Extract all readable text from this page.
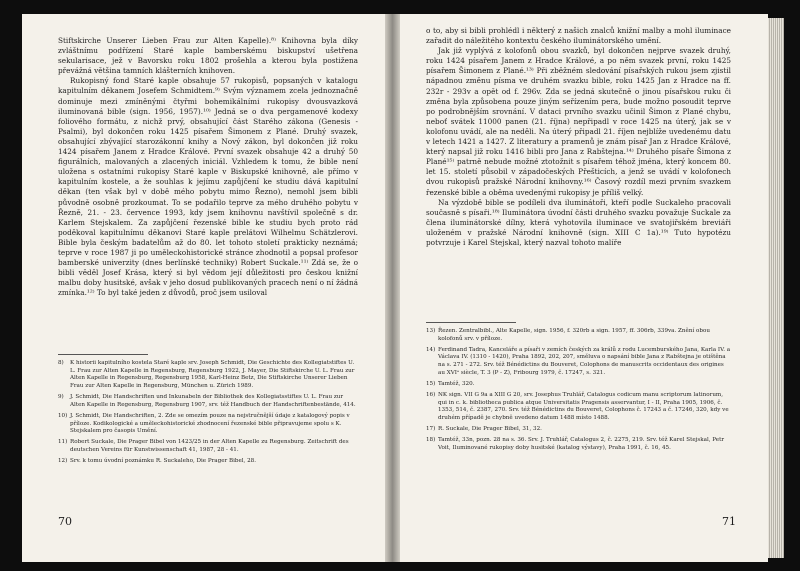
Stiftskirche Unserer Lieben Frau zur Alten Kapelle).⁸⁾ Knihovna byla díky zvláštnímu podřízení Staré kaple bamberskému biskupství ušetřena sekularisace, jež v Bavorsku roku 1802 prošehla a kterou byla postižena převážná většina tamních klášterních knihoven.

Rukopisný fond Staré kaple obsahuje 57 rukopisů, popsaných v katalogu kapitulním děkanem Josefem Schmidtem.⁹⁾ Svým významem zcela jednoznačně dominuje mezi zmíněnými čtyřmi bohemikálními rukopisy dvousvazková iluminovaná bible (sign. 1956, 1957).¹⁰⁾ Jedná se o dva pergamenové kodexy foliového formátu, z nichž prvý, obsahující část Starého zákona (Genesis - Psalmi), byl dokončen roku 1425 písařem Šimonem z Plané. Druhý svazek, obsahující zbývající starozákonní knihy a Nový zákon, byl dokončen již roku 1424 písařem Janem z Hradce Králové. První svazek obsahuje 42 a druhý 50 figurálních, malovaných a zlacených iniciál. Vzhledem k tomu, že bible není uložena s ostatními rukopisy Staré kaple v Biskupské knihovně, ale přímo v kapitulním kostele, a že souhlas k jejímu zapůjčení ke studiu dává kapitulní děkan (ten však byl v době mého pobytu mimo Řezno), nemohl jsem bibli původně osobně prozkoumat. To se podařilo teprve za mého druhého pobytu v Řezně, 21. - 23. července 1993, kdy jsem knihovnu navštívil společně s dr. Karlem Stejskalem. Za zapůjčení řezenské bible ke studiu bych proto rád poděkoval kapitulnímu děkanovi Staré kaple prelátovi Wilhelmu Schätzlerovi. Bible byla českým badatelům až do 80. let tohoto století prakticky neznámá; teprve v roce 1987 ji po uměleckohistorické stránce zhodnotil a popsal profesor bamberské univerzity (dnes berlínské techniky) Robert Suckale.¹¹⁾ Zdá se, že o bibli věděl Josef Krása, který si byl vědom její důležitosti pro českou knižní malbu doby husitské, avšak v jeho dosud publikovaných pracech není o ní žádná zmínka.¹²⁾ To byl také jeden z důvodů, proč jsem usiloval

8)	K historii kapitulního kostela Staré kaple srv. Joseph Schmidt, Die Geschichte des Kollegiatstiftes U. L. Frau zur Alten Kapelle in Regensburg, Regensburg 1922, J. Mayer, Die Stiftskirche U. L. Frau zur Alten Kapelle in Regensburg, Regensburg 1958, Karl-Heinz Betz, Die Stiftskirche Unserer Lieben Frau zur Alten Kapelle in Regensburg, München u. Zürich 1989.
9)	J. Schmidt, Die Handschriften und Inkunabeln der Bibliothek des Kollegiatsstiftes U. L. Frau zur Alten Kapelle in Regensburg, Regensburg 1907, srv. též Handbuch der Handschriftenbestände, 414.
10) J. Schmidt, Die Handschriften, 2. Zde se omezím pouze na nejstručnější údaje z katalogový popis v příloze. Kodikologické a uměleckohistorické zhodnocení řezenské bible připravujeme spolu s K. Stejskalem pro časopis Umění.
11) Robert Suckale, Die Prager Bibel von 1423/25 in der Alten Kapelle zu Regensburg. Zeitschrift des deutschen Vereins für Kunstwissenschaft 41, 1987, 28 - 41.
12) Srv. k tomu úvodní poznámku R. Suckaleho, Die Prager Bibel, 28.
70

o to, aby si bibli prohlédl i některý z našich znalců knižní malby a mohl iluminace zařadit do náležitého kontextu českého iluminátorského umění.

Jak již vyplývá z kolofonů obou svazků, byl dokončen nejprve svazek druhý, roku 1424 písařem Janem z Hradce Králové, a po něm svazek první, roku 1425 písařem Šimonem z Plané.¹³⁾ Při zběžném sledování písařských rukou jsem zjistil nápadnou změnu písma ve druhém svazku bible, roku 1425 Jan z Hradce na ff. 232r - 293v a opět od f. 296v. Zda se jedná skutečně o jinou písařskou ruku či změna byla způsobena pouze jiným seřízením pera, bude možno posoudit teprve po podrobnějším srovnání. V dataci prvního svazku učinil Šimon z Plané chybu, neboť svátek 11000 panen (21. října) nepřipadl v roce 1425 na úterý, jak se v kolofonu uvádí, ale na neděli. Na úterý připadl 21. říjen nejblíže uvedenému datu v letech 1421 a 1427. Z literatury a pramenů je znám písař Jan z Hradce Králové, který napsal již roku 1416 bibli pro Jana z Rabštejna.¹⁴⁾ Druhého písaře Šimona z Plané¹⁵⁾ patrně nebude možné ztotožnit s písařem téhož jména, který koncem 80. let 15. století působil v západočeských Přešticích, a jenž se uvádí v kolofonech dvou rukopisů pražské Národní knihovny.¹⁶⁾ Časový rozdíl mezi prvním svazkem řezenské bible a oběma uvedenými rukopisy je příliš velký.

Na výzdobě bible se podíleli dva iluminátoři, kteří podle Suckaleho pracovali současně s písaři.¹⁸⁾ Iluminátora úvodní části druhého svazku považuje Suckale za člena iluminátorské dílny, která vyhotovila iluminace ve svatojiřském breviáři uloženém v pražské Národní knihovně (sign. XIII C 1a).¹⁹⁾ Tuto hypotézu potvrzuje i Karel Stejskal, který nazval tohoto malíře

13) Řezen. Zentralbibl., Alte Kapelle, sign. 1956, f. 320rb a sign. 1957, ff. 306rb, 339va. Znění obou kolofonů srv. v příloze.
14) Ferdinand Tadra, Kanceláře a písaři v zemích českých za králů z rodu Lucemburského Jana, Karla IV. a Václava IV. (1310 - 1420), Praha 1892, 202, 207, směluva o napsání bible Jana z Rabštejna je otištěna na s. 271 - 272. Srv. též Bénédictins du Bouveret, Colophons de manuscrits occidentaux des origines au XVIᵉ siècle, T. 3 (P - Z), Fribourg 1979, č. 17247, s. 321.
15) Tamtéž, 320.
16) NK sign. VII G 9a a XIII G 20, srv. Josephus Truhlář, Catalogus codicum manu scriptorum latinorum, qui in c. k. bibliotheca publica atque Universitatis Pragensis asservantur, I - II, Praha 1905, 1906, č. 1353, 514, č. 2387, 270. Srv. též Bénédictins du Bouveret, Colophons č. 17243 a č. 17246, 320, kdy ve druhém případě je chybně uvedeno datum 1488 místo 1488.
17) R. Suckale, Die Prager Bibel, 31, 32.
18) Tamtéž, 33n, pozn. 28 na s. 36. Srv. J. Truhlář, Catalogus 2, č. 2275, 219. Srv. též Karel Stejskal, Petr Voit, Iluminované rukopisy doby husitské (katalog výstavy), Praha 1991, č. 16, 45.
71
